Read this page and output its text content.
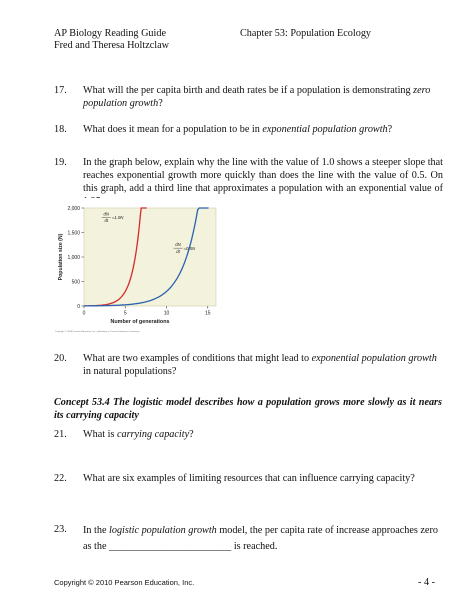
AP Biology Reading Guide
Fred and Theresa Holtzclaw
Chapter 53: Population Ecology
17. What will the per capita birth and death rates be if a population is demonstrating zero population growth?
18. What does it mean for a population to be in exponential population growth?
19. In the graph below, explain why the line with the value of 1.0 shows a steeper slope that reaches exponential growth more quickly than does the line with the value of 0.5. On this graph, add a third line that approximates a population with an exponential value of
0
500
1,000
1,500
2,000
0	5	10	15
Population size (N)
Number of generations
dN
dt
=1.0N
dN
dt
=0.5N
Copyright © 2008 Pearson Education, Inc., publishing as Pearson Benjamin Cummings.
20. What are two examples of conditions that might lead to exponential population growth in natural populations?
Concept 53.4 The logistic model describes how a population grows more slowly as it nears its carrying capacity
21. What is carrying capacity?
22. What are six examples of limiting resources that can influence carrying capacity?
23. In the logistic population growth model, the per capita rate of increase approaches zero as the ________________________ is reached.
Copyright © 2010 Pearson Education, Inc.	- 4 -
